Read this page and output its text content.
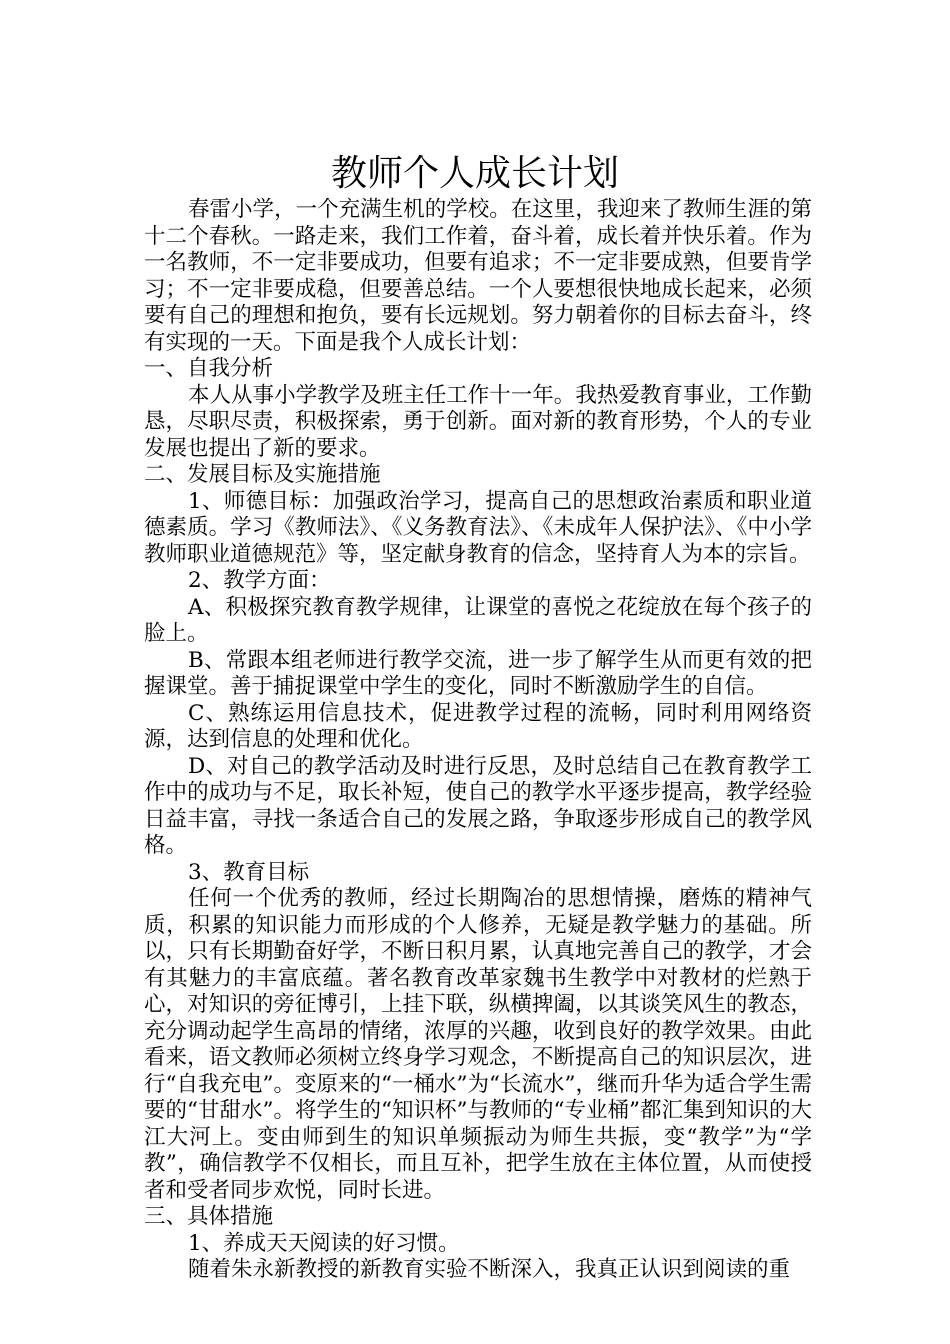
教师个人成长计划

春雷小学，一个充满生机的学校。在这里，我迎来了教师生涯的第十二个春秋。一路走来，我们工作着，奋斗着，成长着并快乐着。作为一名教师，不一定非要成功，但要有追求；不一定非要成熟，但要肯学习；不一定非要成稳，但要善总结。一个人要想很快地成长起来，必须要有自己的理想和抱负，要有长远规划。努力朝着你的目标去奋斗，终有实现的一天。下面是我个人成长计划：

一、自我分析

本人从事小学教学及班主任工作十一年。我热爱教育事业，工作勤恳，尽职尽责，积极探索，勇于创新。面对新的教育形势，个人的专业发展也提出了新的要求。

二、发展目标及实施措施

1、师德目标：加强政治学习，提高自己的思想政治素质和职业道德素质。学习《教师法》、《义务教育法》、《未成年人保护法》、《中小学教师职业道德规范》等，坚定献身教育的信念，坚持育人为本的宗旨。

2、教学方面：

A、积极探究教育教学规律，让课堂的喜悦之花绽放在每个孩子的脸上。

B、常跟本组老师进行教学交流，进一步了解学生从而更有效的把握课堂。善于捕捉课堂中学生的变化，同时不断激励学生的自信。

C、熟练运用信息技术，促进教学过程的流畅，同时利用网络资源，达到信息的处理和优化。

D、对自己的教学活动及时进行反思，及时总结自己在教育教学工作中的成功与不足，取长补短，使自己的教学水平逐步提高，教学经验日益丰富，寻找一条适合自己的发展之路，争取逐步形成自己的教学风格。

3、教育目标

任何一个优秀的教师，经过长期陶冶的思想情操，磨炼的精神气质，积累的知识能力而形成的个人修养，无疑是教学魅力的基础。所以，只有长期勤奋好学，不断日积月累，认真地完善自己的教学，才会有其魅力的丰富底蕴。著名教育改革家魏书生教学中对教材的烂熟于心，对知识的旁征博引，上挂下联，纵横捭阖，以其谈笑风生的教态，充分调动起学生高昂的情绪，浓厚的兴趣，收到良好的教学效果。由此看来，语文教师必须树立终身学习观念，不断提高自己的知识层次，进行“自我充电”。变原来的“一桶水”为“长流水”，继而升华为适合学生需要的“甘甜水”。将学生的“知识杯”与教师的“专业桶”都汇集到知识的大江大河上。变由师到生的知识单频振动为师生共振，变“教学”为“学教”，确信教学不仅相长，而且互补，把学生放在主体位置，从而使授者和受者同步欢悦，同时长进。

三、具体措施

1、养成天天阅读的好习惯。

随着朱永新教授的新教育实验不断深入，我真正认识到阅读的重
